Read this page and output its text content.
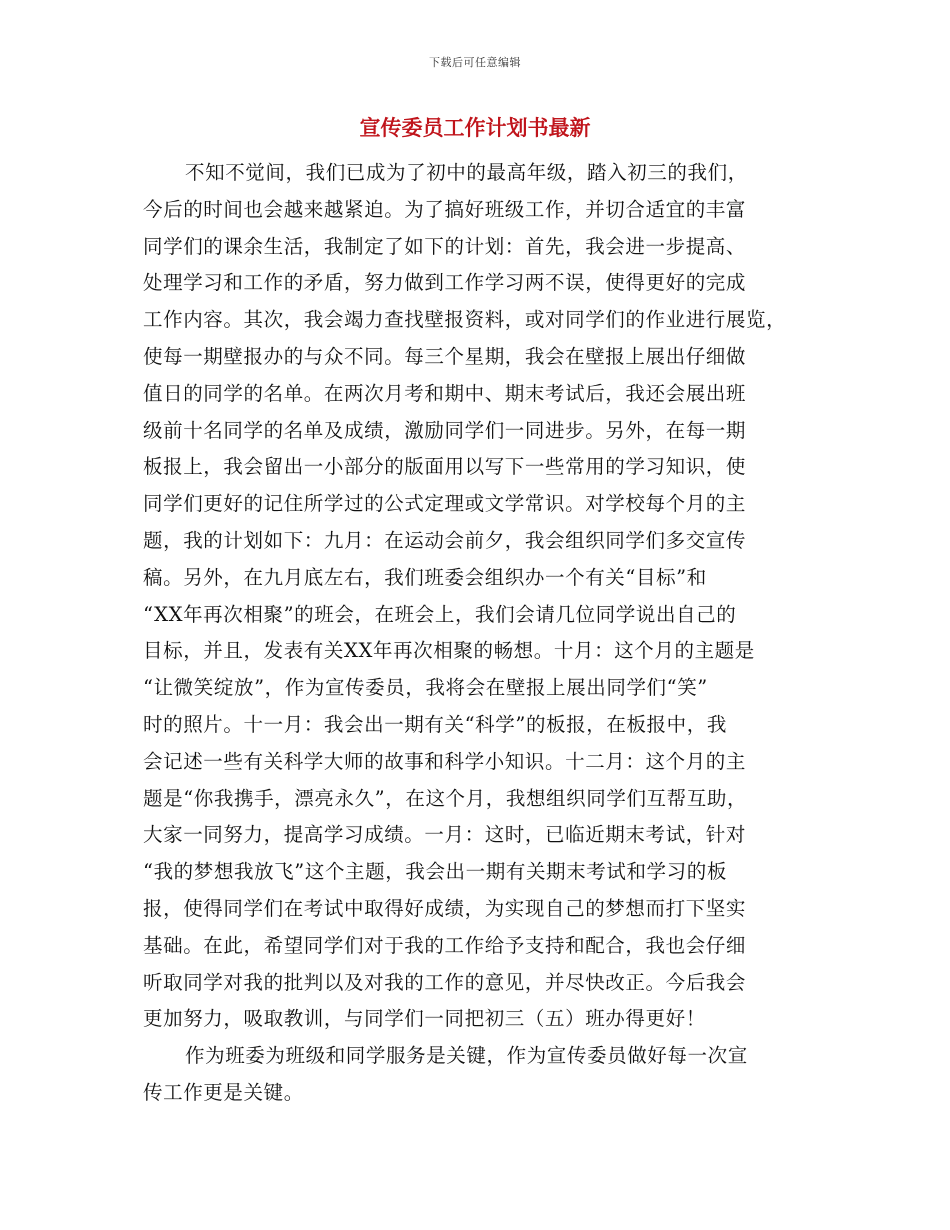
下载后可任意编辑
宣传委员工作计划书最新
不知不觉间，我们已成为了初中的最高年级，踏入初三的我们，
今后的时间也会越来越紧迫。为了搞好班级工作，并切合适宜的丰富
同学们的课余生活，我制定了如下的计划：首先，我会进一步提高、
处理学习和工作的矛盾，努力做到工作学习两不误，使得更好的完成
工作内容。其次，我会竭力查找壁报资料，或对同学们的作业进行展览，
使每一期壁报办的与众不同。每三个星期，我会在壁报上展出仔细做
值日的同学的名单。在两次月考和期中、期末考试后，我还会展出班
级前十名同学的名单及成绩，激励同学们一同进步。另外，在每一期
板报上，我会留出一小部分的版面用以写下一些常用的学习知识，使
同学们更好的记住所学过的公式定理或文学常识。对学校每个月的主
题，我的计划如下：九月：在运动会前夕，我会组织同学们多交宣传
稿。另外，在九月底左右，我们班委会组织办一个有关“目标”和
“XX年再次相聚”的班会，在班会上，我们会请几位同学说出自己的
目标，并且，发表有关XX年再次相聚的畅想。十月：这个月的主题是
“让微笑绽放”，作为宣传委员，我将会在壁报上展出同学们“笑”
时的照片。十一月：我会出一期有关“科学”的板报，在板报中，我
会记述一些有关科学大师的故事和科学小知识。十二月：这个月的主
题是“你我携手，漂亮永久”，在这个月，我想组织同学们互帮互助，
大家一同努力，提高学习成绩。一月：这时，已临近期末考试，针对
“我的梦想我放飞”这个主题，我会出一期有关期末考试和学习的板
报，使得同学们在考试中取得好成绩，为实现自己的梦想而打下坚实
基础。在此，希望同学们对于我的工作给予支持和配合，我也会仔细
听取同学对我的批判以及对我的工作的意见，并尽快改正。今后我会
更加努力，吸取教训，与同学们一同把初三（五）班办得更好！
作为班委为班级和同学服务是关键，作为宣传委员做好每一次宣
传工作更是关键。
